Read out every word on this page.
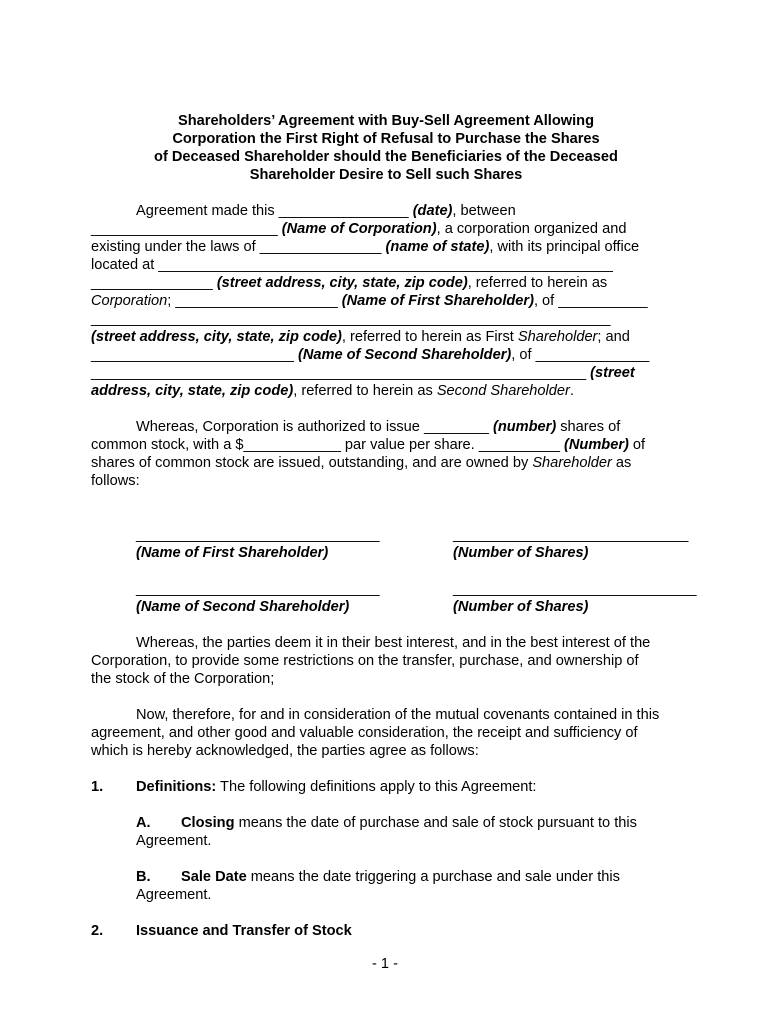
Shareholders’ Agreement with Buy-Sell Agreement Allowing
Corporation the First Right of Refusal to Purchase the Shares
of Deceased Shareholder should the Beneficiaries of the Deceased
Shareholder Desire to Sell such Shares

Agreement made this ________________ (date), between
_______________________ (Name of Corporation), a corporation organized and
existing under the laws of _______________ (name of state), with its principal office
located at ________________________________________________________
_______________ (street address, city, state, zip code), referred to herein as
Corporation; ____________________ (Name of First Shareholder), of ___________
________________________________________________________________
(street address, city, state, zip code), referred to herein as First Shareholder; and
_________________________ (Name of Second Shareholder), of ______________
_____________________________________________________________ (street
address, city, state, zip code), referred to herein as Second Shareholder.

Whereas, Corporation is authorized to issue ________ (number) shares of
common stock, with a $____________ par value per share. __________ (Number) of
shares of common stock are issued, outstanding, and are owned by Shareholder as
follows:

______________________________
(Name of First Shareholder)
_____________________________
(Number of Shares)
______________________________
(Name of Second Shareholder)
______________________________
(Number of Shares)

Whereas, the parties deem it in their best interest, and in the best interest of the
Corporation, to provide some restrictions on the transfer, purchase, and ownership of
the stock of the Corporation;

Now, therefore, for and in consideration of the mutual covenants contained in this
agreement, and other good and valuable consideration, the receipt and sufficiency of
which is hereby acknowledged, the parties agree as follows:

1. Definitions: The following definitions apply to this Agreement:

A. Closing means the date of purchase and sale of stock pursuant to this
Agreement.

B. Sale Date means the date triggering a purchase and sale under this
Agreement.

2. Issuance and Transfer of Stock

- 1 -
